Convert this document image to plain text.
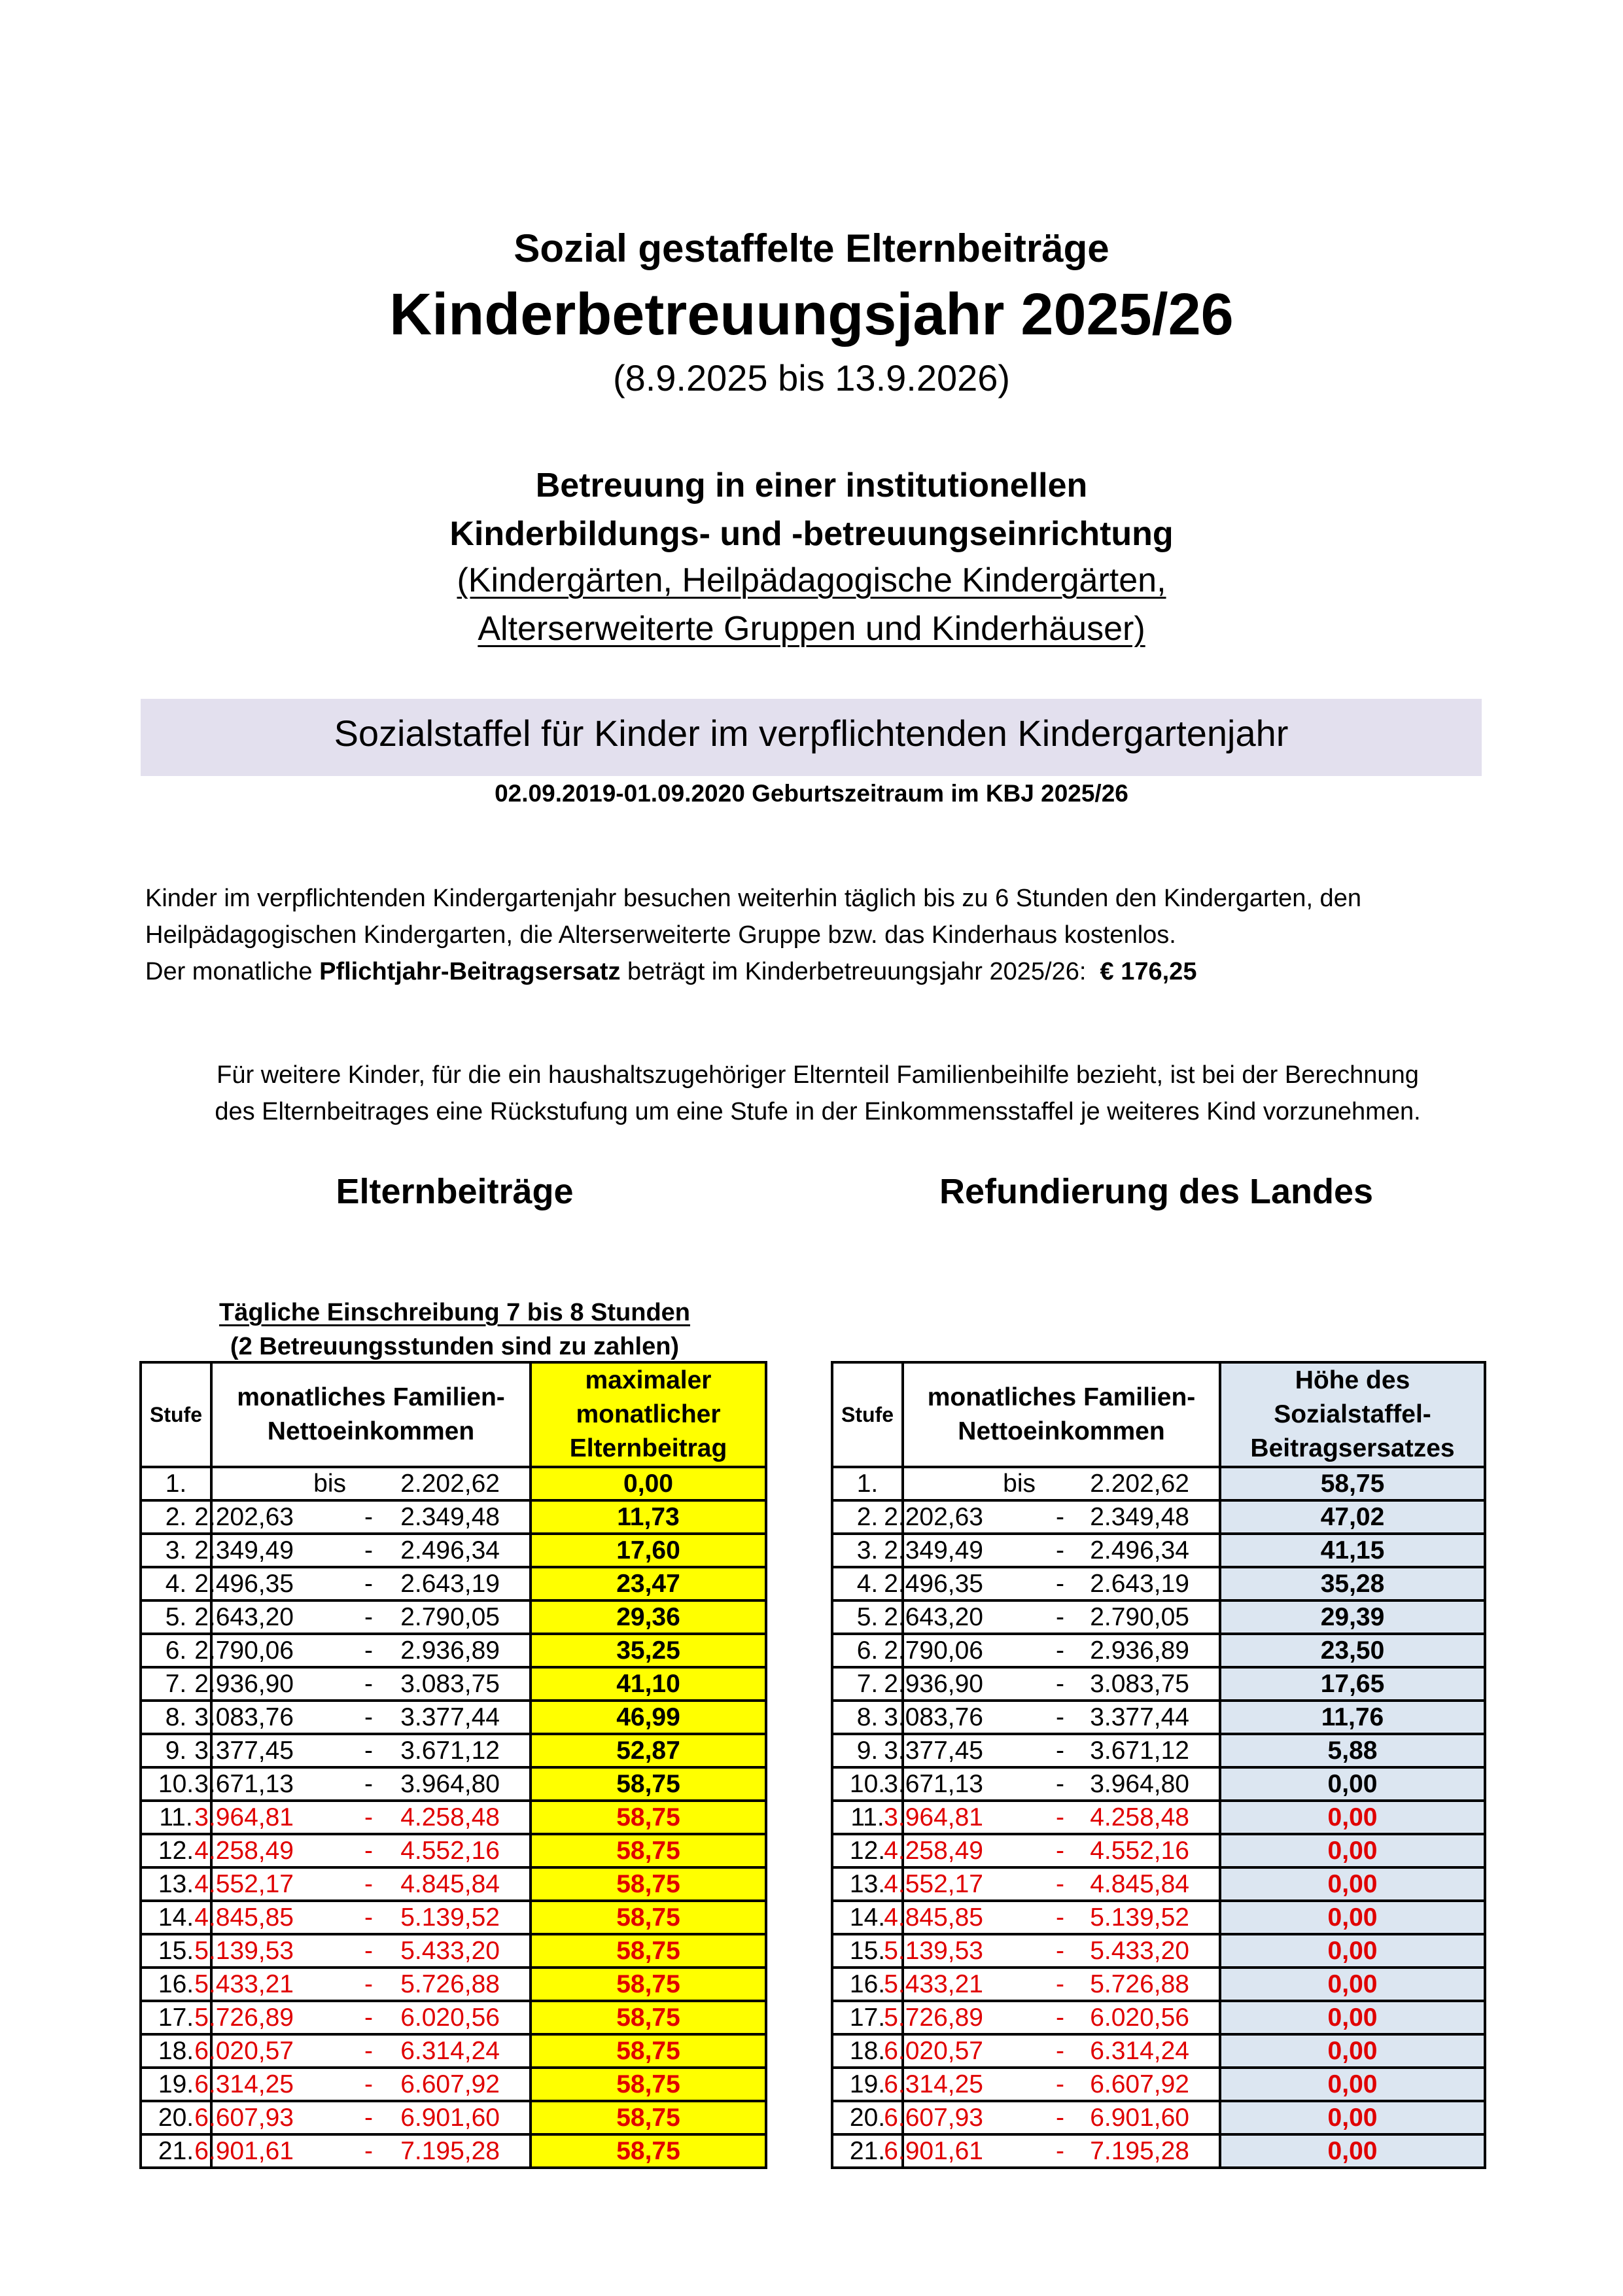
Sozial gestaffelte Elternbeiträge
Kinderbetreuungsjahr 2025/26
(8.9.2025 bis 13.9.2026)
Betreuung in einer institutionellen
Kinderbildungs- und -betreuungseinrichtung
(Kindergärten, Heilpädagogische Kindergärten,
Alterserweiterte Gruppen und Kinderhäuser)
Sozialstaffel für Kinder im verpflichtenden Kindergartenjahr
02.09.2019-01.09.2020 Geburtszeitraum im KBJ 2025/26
Kinder im verpflichtenden Kindergartenjahr besuchen weiterhin täglich bis zu 6 Stunden den Kindergarten, den
Heilpädagogischen Kindergarten, die Alterserweiterte Gruppe bzw. das Kinderhaus kostenlos.
Der monatliche Pflichtjahr-Beitragsersatz beträgt im Kinderbetreuungsjahr 2025/26:  € 176,25
Für weitere Kinder, für die ein haushaltszugehöriger Elternteil Familienbeihilfe bezieht, ist bei der Berechnung
des Elternbeitrages eine Rückstufung um eine Stufe in der Einkommensstaffel je weiteres Kind vorzunehmen.
Elternbeiträge	Refundierung des Landes
Tägliche Einschreibung 7 bis 8 Stunden
(2 Betreuungsstunden sind zu zahlen)
Stufe	monatliches Familien- Nettoeinkommen	maximaler monatlicher Elternbeitrag
1.	bis 2.202,62	0,00
2.	2.202,63 - 2.349,48	11,73
3.	2.349,49 - 2.496,34	17,60
4.	2.496,35 - 2.643,19	23,47
5.	2.643,20 - 2.790,05	29,36
6.	2.790,06 - 2.936,89	35,25
7.	2.936,90 - 3.083,75	41,10
8.	3.083,76 - 3.377,44	46,99
9.	3.377,45 - 3.671,12	52,87
10.	3.671,13 - 3.964,80	58,75
11.	3.964,81 - 4.258,48	58,75
12.	4.258,49 - 4.552,16	58,75
13.	4.552,17 - 4.845,84	58,75
14.	4.845,85 - 5.139,52	58,75
15.	5.139,53 - 5.433,20	58,75
16.	5.433,21 - 5.726,88	58,75
17.	5.726,89 - 6.020,56	58,75
18.	6.020,57 - 6.314,24	58,75
19.	6.314,25 - 6.607,92	58,75
20.	6.607,93 - 6.901,60	58,75
21.	6.901,61 - 7.195,28	58,75
Stufe	monatliches Familien- Nettoeinkommen	Höhe des Sozialstaffel- Beitragsersatzes
1.	bis 2.202,62	58,75
2.	2.202,63 - 2.349,48	47,02
3.	2.349,49 - 2.496,34	41,15
4.	2.496,35 - 2.643,19	35,28
5.	2.643,20 - 2.790,05	29,39
6.	2.790,06 - 2.936,89	23,50
7.	2.936,90 - 3.083,75	17,65
8.	3.083,76 - 3.377,44	11,76
9.	3.377,45 - 3.671,12	5,88
10.	3.671,13 - 3.964,80	0,00
11.	3.964,81 - 4.258,48	0,00
12.	4.258,49 - 4.552,16	0,00
13.	4.552,17 - 4.845,84	0,00
14.	4.845,85 - 5.139,52	0,00
15.	5.139,53 - 5.433,20	0,00
16.	5.433,21 - 5.726,88	0,00
17.	5.726,89 - 6.020,56	0,00
18.	6.020,57 - 6.314,24	0,00
19.	6.314,25 - 6.607,92	0,00
20.	6.607,93 - 6.901,60	0,00
21.	6.901,61 - 7.195,28	0,00
